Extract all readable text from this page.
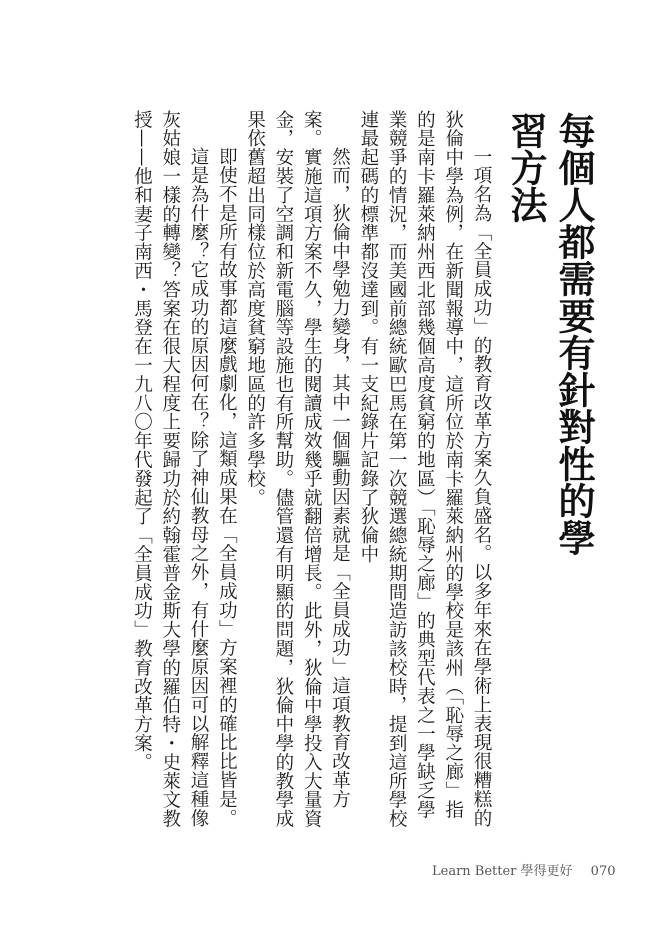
每個人都需要有針對性的學習方法

一項名為「全員成功」的教育改革方案久負盛名。以多年來在學術上表現很糟糕的狄倫中學為例，在新聞報導中，這所位於南卡羅萊納州的學校是該州（「恥辱之廊」指的是南卡羅萊納州西北部幾個高度貧窮的地區）「恥辱之廊」的典型代表之一學缺乏學業競爭的情況，而美國前總統歐巴馬在第一次競選總統期間造訪該校時，提到這所學校連最起碼的標準都沒達到。有一支紀錄片記錄了狄倫中

然而，狄倫中學勉力變身，其中一個驅動因素就是「全員成功」這項教育改革方案。實施這項方案不久，學生的閱讀成效幾乎就翻倍增長。此外，狄倫中學投入大量資金，安裝了空調和新電腦等設施也有所幫助。儘管還有明顯的問題，狄倫中學的教學成果依舊超出同樣位於高度貧窮地區的許多學校。

即使不是所有故事都這麼戲劇化，這類成果在「全員成功」方案裡的確比比皆是。

這是為什麼？它成功的原因何在？除了神仙教母之外，有什麼原因可以解釋這種像灰姑娘一樣的轉變？答案在很大程度上要歸功於約翰霍普金斯大學的羅伯特・史萊文教授——他和妻子南西・馬登在一九八〇年代發起了「全員成功」教育改革方案。

Learn Better 學得更好 070
